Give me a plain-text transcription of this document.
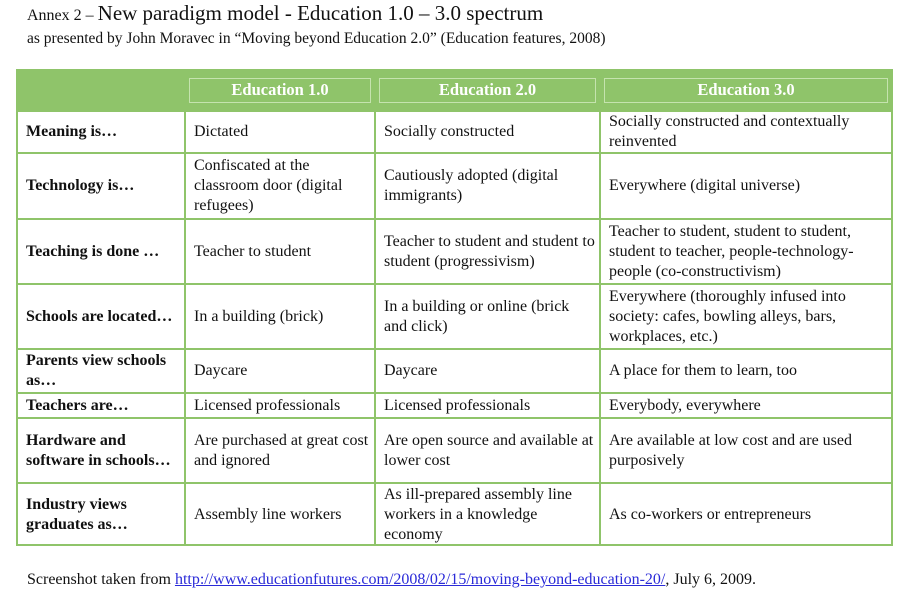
Annex 2 – New paradigm model - Education 1.0 – 3.0 spectrum
as presented by John Moravec in “Moving beyond Education 2.0” (Education features, 2008)

	Education 1.0	Education 2.0	Education 3.0

Meaning is…	Dictated	Socially constructed	Socially constructed and contextually reinvented
Technology is…	Confiscated at the classroom door (digital refugees)	Cautiously adopted (digital immigrants)	Everywhere (digital universe)
Teaching is done …	Teacher to student	Teacher to student and student to student (progressivism)	Teacher to student, student to student, student to teacher, people-technology-people (co-constructivism)
Schools are located…	In a building (brick)	In a building or online (brick and click)	Everywhere (thoroughly infused into society: cafes, bowling alleys, bars, workplaces, etc.)
Parents view schools as…	Daycare	Daycare	A place for them to learn, too
Teachers are…	Licensed professionals	Licensed professionals	Everybody, everywhere
Hardware and software in schools…	Are purchased at great cost and ignored	Are open source and available at lower cost	Are available at low cost and are used purposively
Industry views graduates as…	Assembly line workers	As ill-prepared assembly line workers in a knowledge economy	As co-workers or entrepreneurs
Screenshot taken from http://www.educationfutures.com/2008/02/15/moving-beyond-education-20/, July 6, 2009.
